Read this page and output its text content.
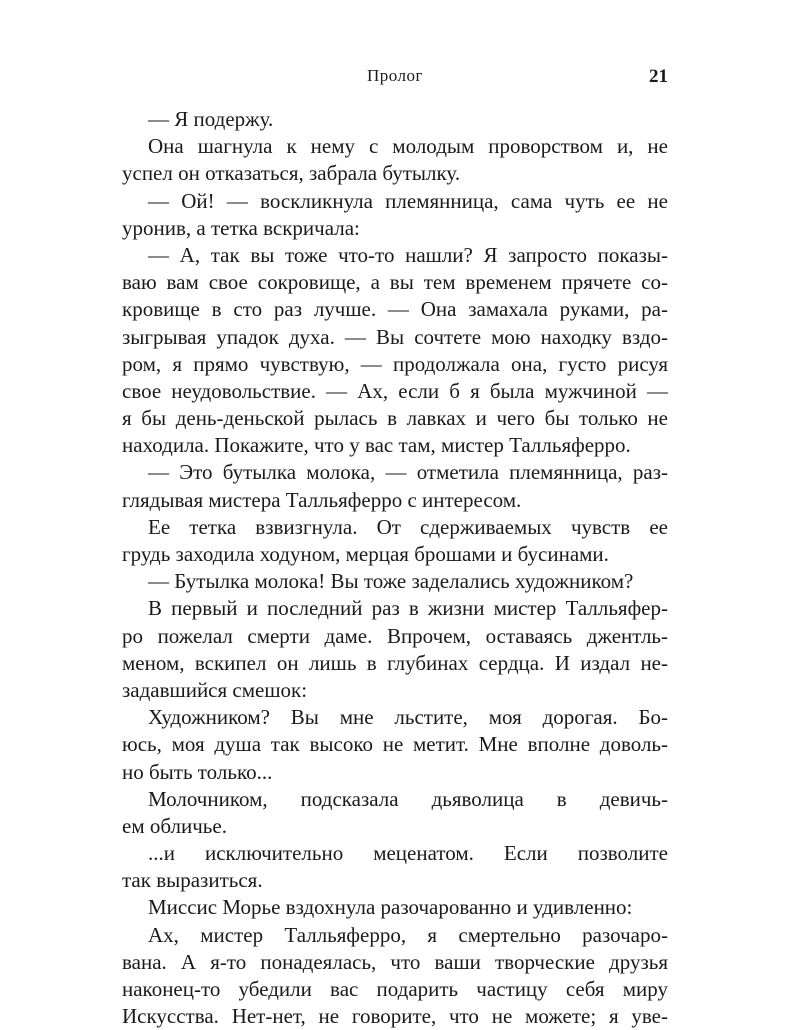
Пролог	21
— Я подержу.
Она шагнула к нему с молодым проворством и, не
успел он отказаться, забрала бутылку.
— Ой! — воскликнула племянница, сама чуть ее не
уронив, а тетка вскричала:
— А, так вы тоже что-то нашли? Я запросто показы-
ваю вам свое сокровище, а вы тем временем прячете со-
кровище в сто раз лучше. — Она замахала руками, ра-
зыгрывая упадок духа. — Вы сочтете мою находку вздо-
ром, я прямо чувствую, — продолжала она, густо рисуя
свое неудовольствие. — Ах, если б я была мужчиной —
я бы день-деньской рылась в лавках и чего бы только не
находила. Покажите, что у вас там, мистер Талльяферро.
— Это бутылка молока, — отметила племянница, раз-
глядывая мистера Талльяферро с интересом.
Ее тетка взвизгнула. От сдерживаемых чувств ее
грудь заходила ходуном, мерцая брошами и бусинами.
— Бутылка молока! Вы тоже заделались художником?
В первый и последний раз в жизни мистер Талльяфер-
ро пожелал смерти даме. Впрочем, оставаясь джентль-
меном, вскипел он лишь в глубинах сердца. И издал не-
задавшийся смешок:
Художником? Вы мне льстите, моя дорогая. Бо-
юсь, моя душа так высоко не метит. Мне вполне доволь-
но быть только...
Молочником, подсказала дьяволица в девичь-
ем обличье.
...и исключительно меценатом. Если позволите
так выразиться.
Миссис Морье вздохнула разочарованно и удивленно:
Ах, мистер Талльяферро, я смертельно разочаро-
вана. А я-то понадеялась, что ваши творческие друзья
наконец-то убедили вас подарить частицу себя миру
Искусства. Нет-нет, не говорите, что не можете; я уве-
